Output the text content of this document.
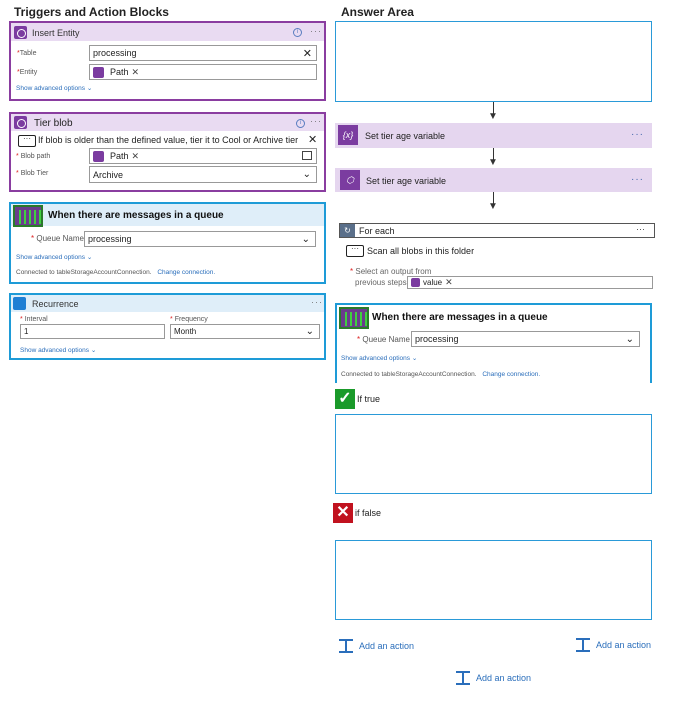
Triggers and Action Blocks	Answer Area
Insert Entity	i	···
*Table	processing	✕
*Entity	Path ✕
Show advanced options ⌄
Tier blob	i ···
··· If blob is older than the defined value, tier it to Cool or Archive tier ✕
* Blob path	Path ✕
* Blob Tier	Archive	⌄
When there are messages in a queue
* Queue Name processing	⌄
Show advanced options ⌄
Connected to tableStorageAccountConnection. Change connection.
Recurrence	···
* Interval
1
* Frequency
Month	⌄
Show advanced options ⌄
▼
{x}	Set tier age variable	···
▼
⬡	Set tier age variable	···
▼
↻ For each	···
··· Scan all blobs in this folder
* Select an output from
previous steps value ✕
When there are messages in a queue
* Queue Name processing	⌄
Show advanced options ⌄
Connected to tableStorageAccountConnection. Change connection.
✓ If true
✕ if false
Add an action	Add an action
Add an action
